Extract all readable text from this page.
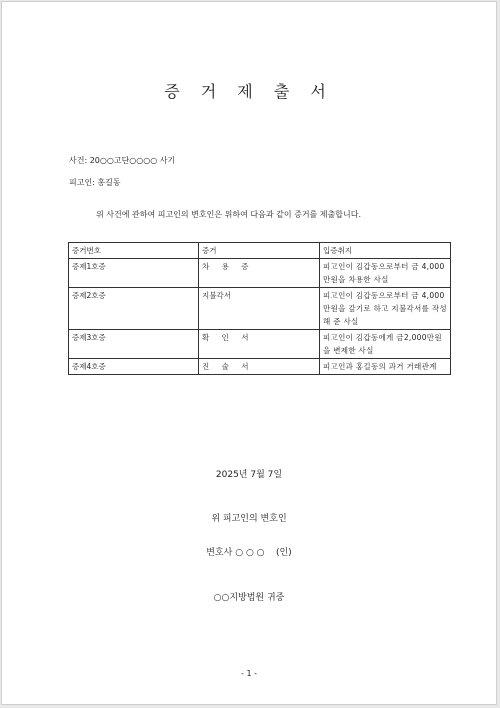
증 거 제 출 서
사건: 20○○고단○○○○ 사기
피고인: 홍길동
위 사건에 관하여 피고인의 변호인은 위하여 다음과 같이 증거를 제출합니다.
증거번호	증거	입증취지
증제1호증	차 용 증	피고인이 김갑동으로부터 금 4,000만원을 차용한 사실
증제2호증	지불각서	피고인이 김갑동으로부터 금 4,000만원을 갚기로 하고 지불각서를 작성해 준 사실
증제3호증	확 인 서	피고인이 김갑동에게 금2,000만원을 변제한 사실
증제4호증	진 술 서	피고인과 홍길동의 과거 거래관계
2025년 7월 7일
위 피고인의 변호인
변호사 ○ ○ ○    (인)
○○지방법원 귀중
- 1 -
